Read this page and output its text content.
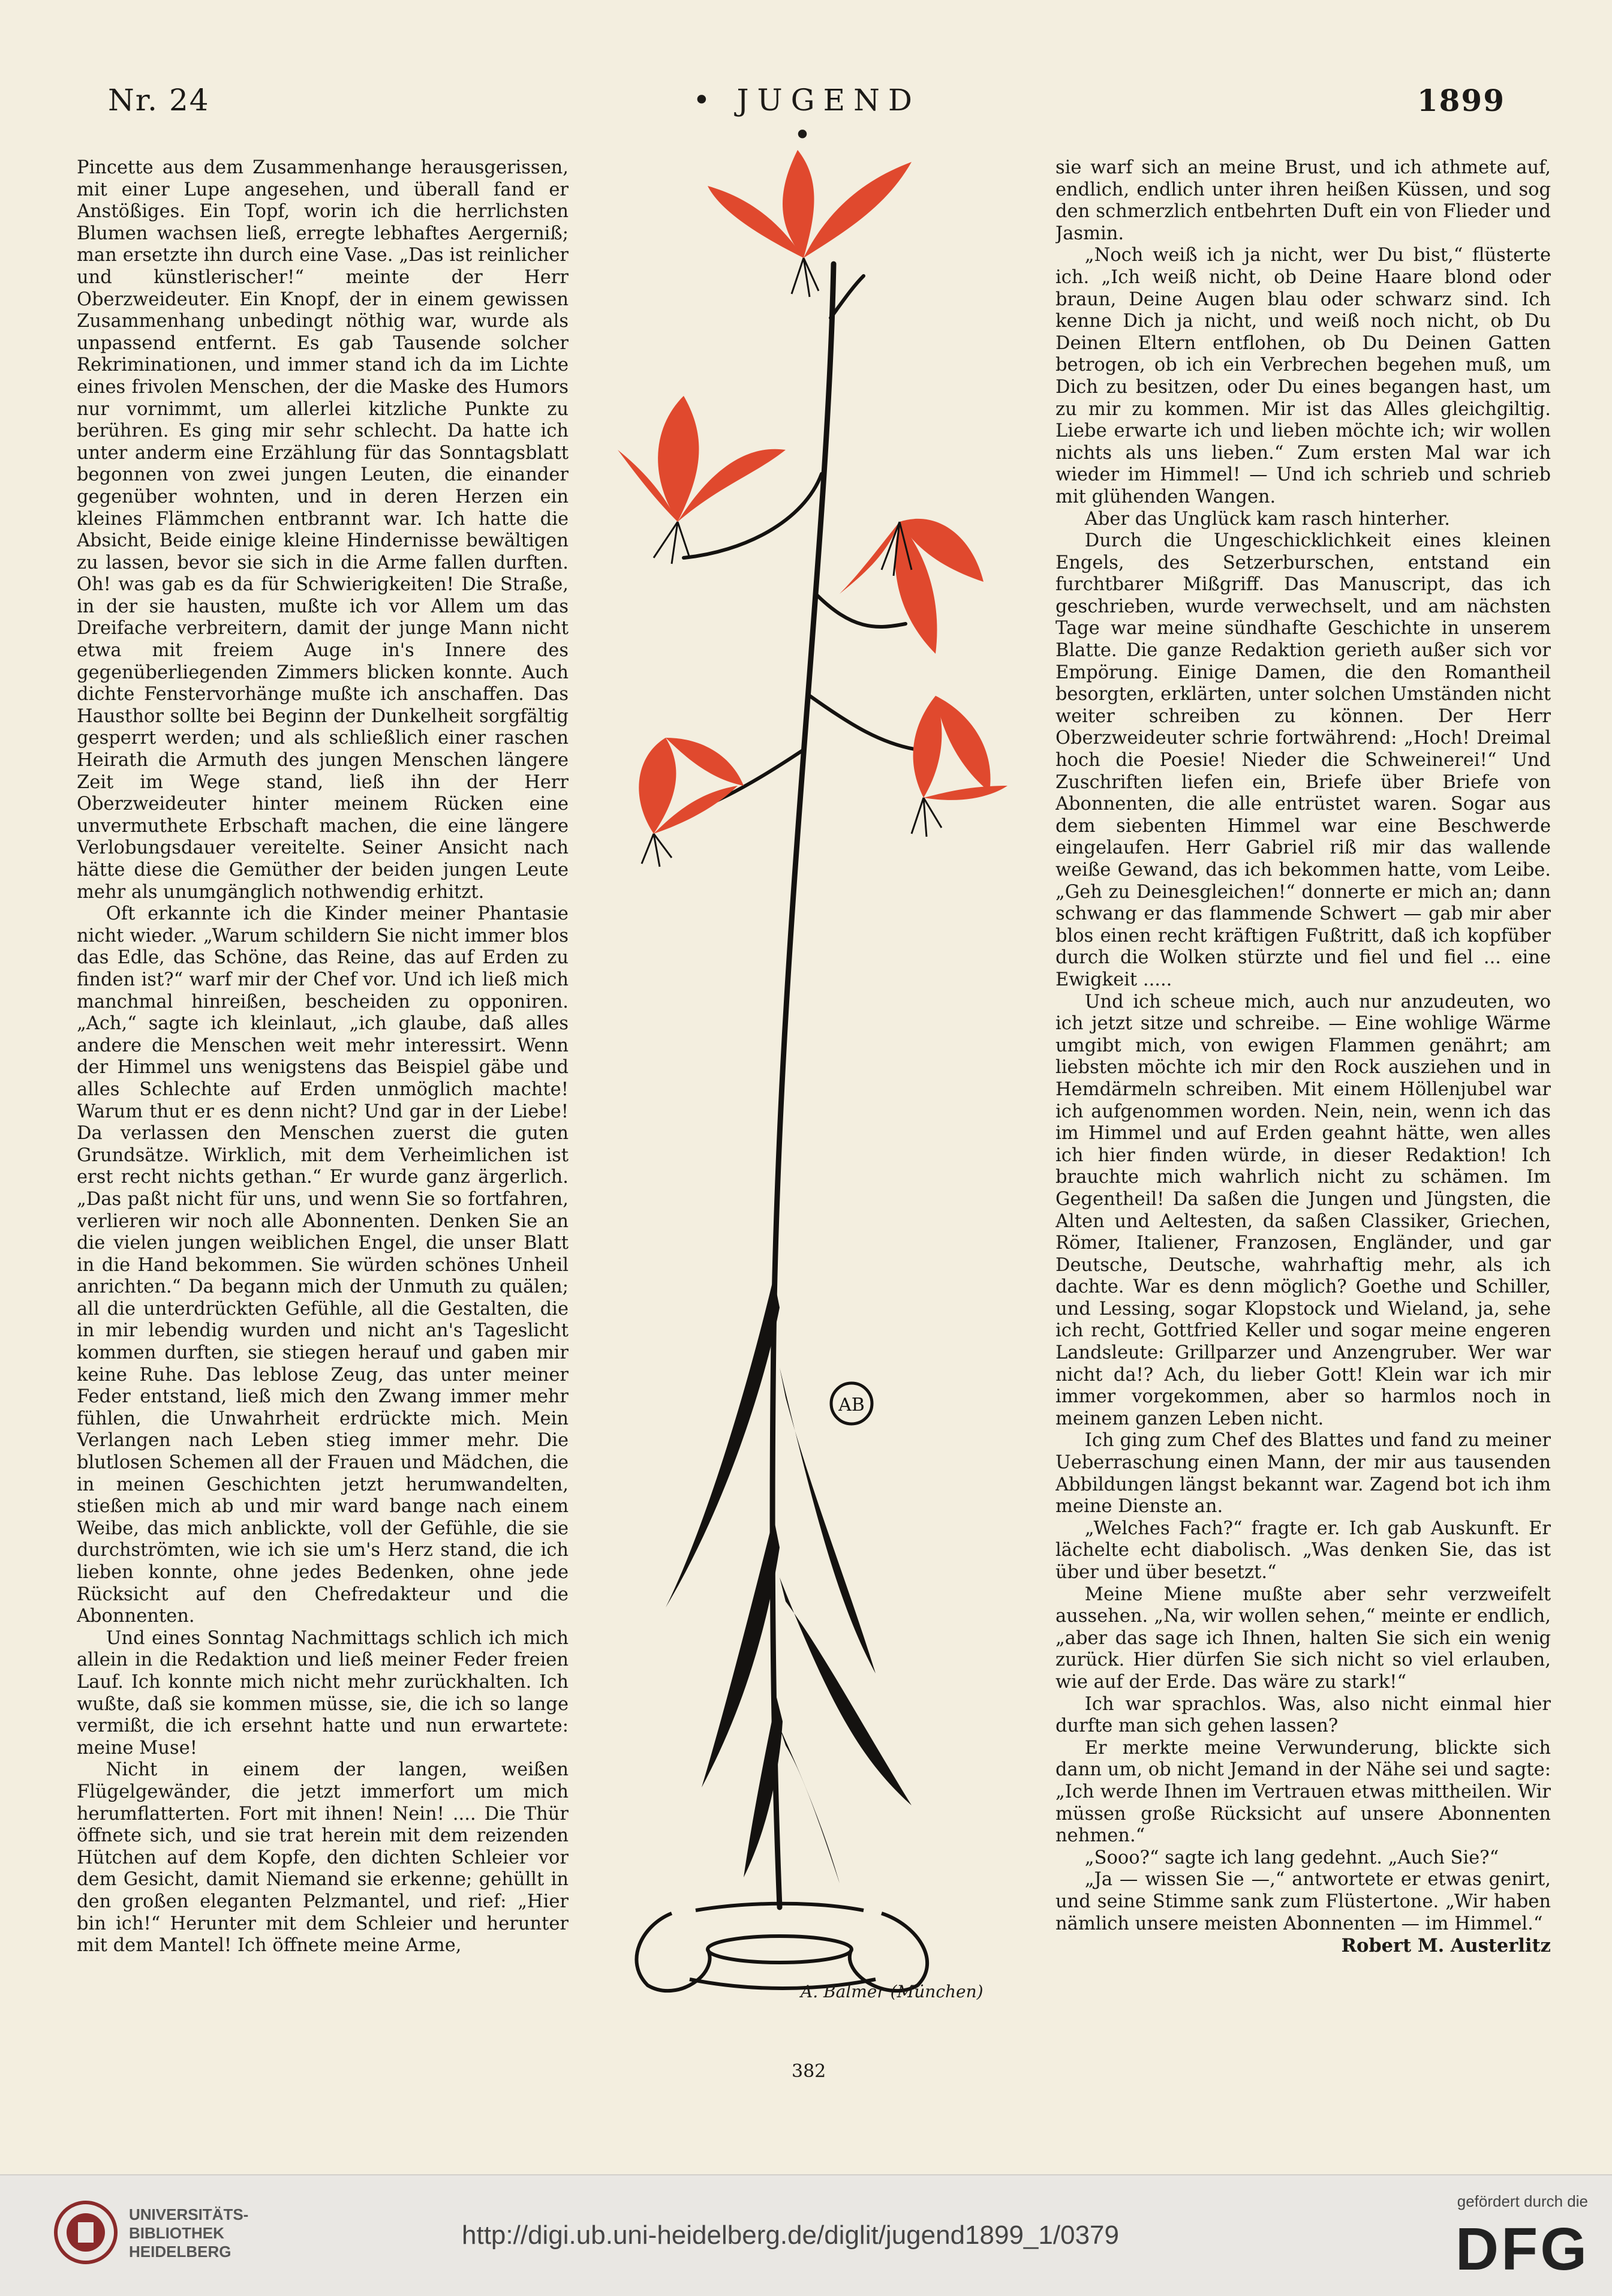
Nr. 24	• JUGEND •
1899

Pincette aus dem Zusammenhange herausgerissen, mit einer Lupe angesehen, und überall fand er Anstößiges. Ein Topf, worin ich die herrlichsten Blumen wachsen ließ, erregte lebhaftes Aergerniß; man ersetzte ihn durch eine Vase. „Das ist reinlicher und künstlerischer!“ meinte der Herr Oberzweideuter. Ein Knopf, der in einem gewissen Zusammenhang unbedingt nöthig war, wurde als unpassend entfernt. Es gab Tausende solcher Rekriminationen, und immer stand ich da im Lichte eines frivolen Menschen, der die Maske des Humors nur vornimmt, um allerlei kitzliche Punkte zu berühren. Es ging mir sehr schlecht. Da hatte ich unter anderm eine Erzählung für das Sonntagsblatt begonnen von zwei jungen Leuten, die einander gegenüber wohnten, und in deren Herzen ein kleines Flämmchen entbrannt war. Ich hatte die Absicht, Beide einige kleine Hindernisse bewältigen zu lassen, bevor sie sich in die Arme fallen durften. Oh! was gab es da für Schwierigkeiten! Die Straße, in der sie hausten, mußte ich vor Allem um das Dreifache verbreitern, damit der junge Mann nicht etwa mit freiem Auge in's Innere des gegenüberliegenden Zimmers blicken konnte. Auch dichte Fenstervorhänge mußte ich anschaffen. Das Hausthor sollte bei Beginn der Dunkelheit sorgfältig gesperrt werden; und als schließlich einer raschen Heirath die Armuth des jungen Menschen längere Zeit im Wege stand, ließ ihn der Herr Oberzweideuter hinter meinem Rücken eine unvermuthete Erbschaft machen, die eine längere Verlobungsdauer vereitelte. Seiner Ansicht nach hätte diese die Gemüther der beiden jungen Leute mehr als unumgänglich nothwendig erhitzt.

Oft erkannte ich die Kinder meiner Phantasie nicht wieder. „Warum schildern Sie nicht immer blos das Edle, das Schöne, das Reine, das auf Erden zu finden ist?“ warf mir der Chef vor. Und ich ließ mich manchmal hinreißen, bescheiden zu opponiren. „Ach,“ sagte ich kleinlaut, „ich glaube, daß alles andere die Menschen weit mehr interessirt. Wenn der Himmel uns wenigstens das Beispiel gäbe und alles Schlechte auf Erden unmöglich machte! Warum thut er es denn nicht? Und gar in der Liebe! Da verlassen den Menschen zuerst die guten Grundsätze. Wirklich, mit dem Verheimlichen ist erst recht nichts gethan.“ Er wurde ganz ärgerlich. „Das paßt nicht für uns, und wenn Sie so fortfahren, verlieren wir noch alle Abonnenten. Denken Sie an die vielen jungen weiblichen Engel, die unser Blatt in die Hand bekommen. Sie würden schönes Unheil anrichten.“ Da begann mich der Unmuth zu quälen; all die unterdrückten Gefühle, all die Gestalten, die in mir lebendig wurden und nicht an's Tageslicht kommen durften, sie stiegen herauf und gaben mir keine Ruhe. Das leblose Zeug, das unter meiner Feder entstand, ließ mich den Zwang immer mehr fühlen, die Unwahrheit erdrückte mich. Mein Verlangen nach Leben stieg immer mehr. Die blutlosen Schemen all der Frauen und Mädchen, die in meinen Geschichten jetzt herumwandelten, stießen mich ab und mir ward bange nach einem Weibe, das mich anblickte, voll der Gefühle, die sie durchströmten, wie ich sie um's Herz stand, die ich lieben konnte, ohne jedes Bedenken, ohne jede Rücksicht auf den Chefredakteur und die Abonnenten.

Und eines Sonntag Nachmittags schlich ich mich allein in die Redaktion und ließ meiner Feder freien Lauf. Ich konnte mich nicht mehr zurückhalten. Ich wußte, daß sie kommen müsse, sie, die ich so lange vermißt, die ich ersehnt hatte und nun erwartete: meine Muse!

Nicht in einem der langen, weißen Flügelgewänder, die jetzt immerfort um mich herumflatterten. Fort mit ihnen! Nein! .... Die Thür öffnete sich, und sie trat herein mit dem reizenden Hütchen auf dem Kopfe, den dichten Schleier vor dem Gesicht, damit Niemand sie erkenne; gehüllt in den großen eleganten Pelzmantel, und rief: „Hier bin ich!“ Herunter mit dem Schleier und herunter mit dem Mantel! Ich öffnete meine Arme,

AB
A. Balmer (München)

sie warf sich an meine Brust, und ich athmete auf, endlich, endlich unter ihren heißen Küssen, und sog den schmerzlich entbehrten Duft ein von Flieder und Jasmin.

„Noch weiß ich ja nicht, wer Du bist,“ flüsterte ich. „Ich weiß nicht, ob Deine Haare blond oder braun, Deine Augen blau oder schwarz sind. Ich kenne Dich ja nicht, und weiß noch nicht, ob Du Deinen Eltern entflohen, ob Du Deinen Gatten betrogen, ob ich ein Verbrechen begehen muß, um Dich zu besitzen, oder Du eines begangen hast, um zu mir zu kommen. Mir ist das Alles gleichgiltig. Liebe erwarte ich und lieben möchte ich; wir wollen nichts als uns lieben.“ Zum ersten Mal war ich wieder im Himmel! — Und ich schrieb und schrieb mit glühenden Wangen.

Aber das Unglück kam rasch hinterher.

Durch die Ungeschicklichkeit eines kleinen Engels, des Setzerburschen, entstand ein furchtbarer Mißgriff. Das Manuscript, das ich geschrieben, wurde verwechselt, und am nächsten Tage war meine sündhafte Geschichte in unserem Blatte. Die ganze Redaktion gerieth außer sich vor Empörung. Einige Damen, die den Romantheil besorgten, erklärten, unter solchen Umständen nicht weiter schreiben zu können. Der Herr Oberzweideuter schrie fortwährend: „Hoch! Dreimal hoch die Poesie! Nieder die Schweinerei!“ Und Zuschriften liefen ein, Briefe über Briefe von Abonnenten, die alle entrüstet waren. Sogar aus dem siebenten Himmel war eine Beschwerde eingelaufen. Herr Gabriel riß mir das wallende weiße Gewand, das ich bekommen hatte, vom Leibe. „Geh zu Deinesgleichen!“ donnerte er mich an; dann schwang er das flammende Schwert — gab mir aber blos einen recht kräftigen Fußtritt, daß ich kopfüber durch die Wolken stürzte und fiel und fiel ... eine Ewigkeit .....

Und ich scheue mich, auch nur anzudeuten, wo ich jetzt sitze und schreibe. — Eine wohlige Wärme umgibt mich, von ewigen Flammen genährt; am liebsten möchte ich mir den Rock ausziehen und in Hemdärmeln schreiben. Mit einem Höllenjubel war ich aufgenommen worden. Nein, nein, wenn ich das im Himmel und auf Erden geahnt hätte, wen alles ich hier finden würde, in dieser Redaktion! Ich brauchte mich wahrlich nicht zu schämen. Im Gegentheil! Da saßen die Jungen und Jüngsten, die Alten und Aeltesten, da saßen Classiker, Griechen, Römer, Italiener, Franzosen, Engländer, und gar Deutsche, Deutsche, wahrhaftig mehr, als ich dachte. War es denn möglich? Goethe und Schiller, und Lessing, sogar Klopstock und Wieland, ja, sehe ich recht, Gottfried Keller und sogar meine engeren Landsleute: Grillparzer und Anzengruber. Wer war nicht da!? Ach, du lieber Gott! Klein war ich mir immer vorgekommen, aber so harmlos noch in meinem ganzen Leben nicht.

Ich ging zum Chef des Blattes und fand zu meiner Ueberraschung einen Mann, der mir aus tausenden Abbildungen längst bekannt war. Zagend bot ich ihm meine Dienste an.

„Welches Fach?“ fragte er. Ich gab Auskunft. Er lächelte echt diabolisch. „Was denken Sie, das ist über und über besetzt.“

Meine Miene mußte aber sehr verzweifelt aussehen. „Na, wir wollen sehen,“ meinte er endlich, „aber das sage ich Ihnen, halten Sie sich ein wenig zurück. Hier dürfen Sie sich nicht so viel erlauben, wie auf der Erde. Das wäre zu stark!“

Ich war sprachlos. Was, also nicht einmal hier durfte man sich gehen lassen?

Er merkte meine Verwunderung, blickte sich dann um, ob nicht Jemand in der Nähe sei und sagte: „Ich werde Ihnen im Vertrauen etwas mittheilen. Wir müssen große Rücksicht auf unsere Abonnenten nehmen.“

„Sooo?“ sagte ich lang gedehnt. „Auch Sie?“

„Ja — wissen Sie —,“ antwortete er etwas genirt, und seine Stimme sank zum Flüstertone. „Wir haben nämlich unsere meisten Abonnenten — im Himmel.“

Robert M. Austerlitz

382
UNIVERSITÄTS-
BIBLIOTHEK
HEIDELBERG
http://digi.ub.uni-heidelberg.de/diglit/jugend1899_1/0379
gefördert durch die
DFG
